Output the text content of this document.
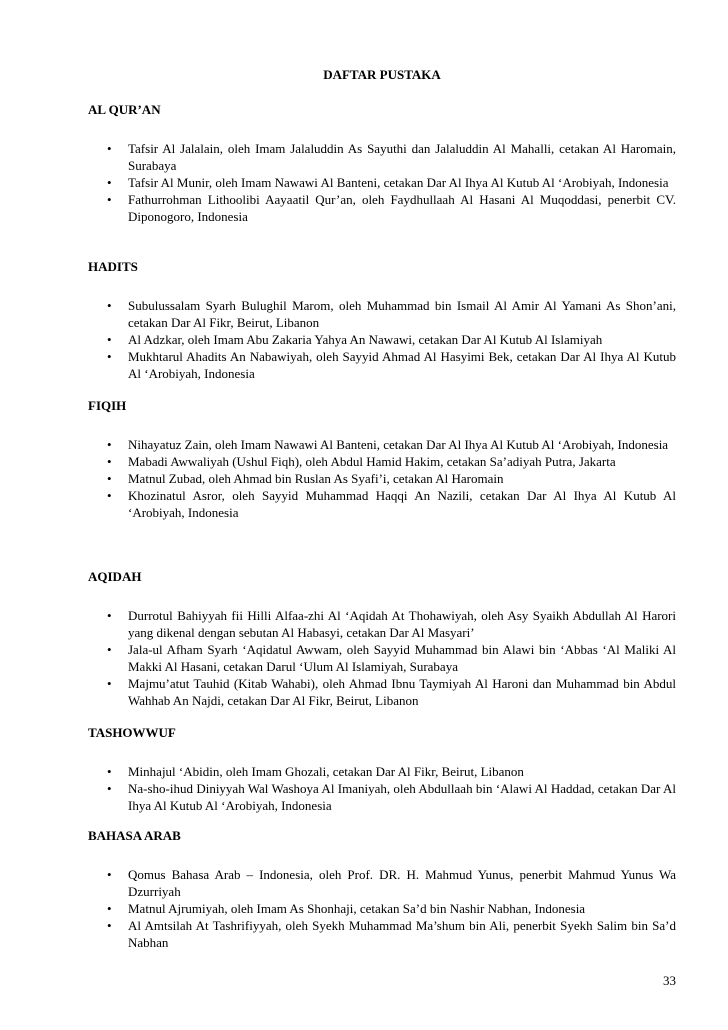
DAFTAR PUSTAKA

AL QUR’AN

• Tafsir Al Jalalain, oleh Imam Jalaluddin As Sayuthi dan Jalaluddin Al Mahalli, cetakan Al Haromain, Surabaya
• Tafsir Al Munir, oleh Imam Nawawi Al Banteni, cetakan Dar Al Ihya Al Kutub Al ‘Arobiyah, Indonesia
• Fathurrohman Lithoolibi Aayaatil Qur’an, oleh Faydhullaah Al Hasani Al Muqoddasi, penerbit CV. Diponogoro, Indonesia

HADITS

• Subulussalam Syarh Bulughil Marom, oleh Muhammad bin Ismail Al Amir Al Yamani As Shon’ani, cetakan Dar Al Fikr, Beirut, Libanon
• Al Adzkar, oleh Imam Abu Zakaria Yahya An Nawawi, cetakan Dar Al Kutub Al Islamiyah
• Mukhtarul Ahadits An Nabawiyah, oleh Sayyid Ahmad Al Hasyimi Bek, cetakan Dar Al Ihya Al Kutub Al ‘Arobiyah, Indonesia

FIQIH

• Nihayatuz Zain, oleh Imam Nawawi Al Banteni, cetakan Dar Al Ihya Al Kutub Al ‘Arobiyah, Indonesia
• Mabadi Awwaliyah (Ushul Fiqh), oleh Abdul Hamid Hakim, cetakan Sa’adiyah Putra, Jakarta
• Matnul Zubad, oleh Ahmad bin Ruslan As Syafi’i, cetakan Al Haromain
• Khozinatul Asror, oleh Sayyid Muhammad Haqqi An Nazili, cetakan Dar Al Ihya Al Kutub Al ‘Arobiyah, Indonesia

AQIDAH

• Durrotul Bahiyyah fii Hilli Alfaa-zhi Al ‘Aqidah At Thohawiyah, oleh Asy Syaikh Abdullah Al Harori yang dikenal dengan sebutan Al Habasyi, cetakan Dar Al Masyari’
• Jala-ul Afham Syarh ‘Aqidatul Awwam, oleh Sayyid Muhammad bin Alawi bin ‘Abbas ‘Al Maliki Al Makki Al Hasani, cetakan Darul ‘Ulum Al Islamiyah, Surabaya
• Majmu’atut Tauhid (Kitab Wahabi), oleh Ahmad Ibnu Taymiyah Al Haroni dan Muhammad bin Abdul Wahhab An Najdi, cetakan Dar Al Fikr, Beirut, Libanon

TASHOWWUF

• Minhajul ‘Abidin, oleh Imam Ghozali, cetakan Dar Al Fikr, Beirut, Libanon
• Na-sho-ihud Diniyyah Wal Washoya Al Imaniyah, oleh Abdullaah bin ‘Alawi Al Haddad, cetakan Dar Al Ihya Al Kutub Al ‘Arobiyah, Indonesia

BAHASA ARAB

• Qomus Bahasa Arab – Indonesia, oleh Prof. DR. H. Mahmud Yunus, penerbit Mahmud Yunus Wa Dzurriyah
• Matnul Ajrumiyah, oleh Imam As Shonhaji, cetakan Sa’d bin Nashir Nabhan, Indonesia
• Al Amtsilah At Tashrifiyyah, oleh Syekh Muhammad Ma’shum bin Ali, penerbit Syekh Salim bin Sa’d Nabhan
33
